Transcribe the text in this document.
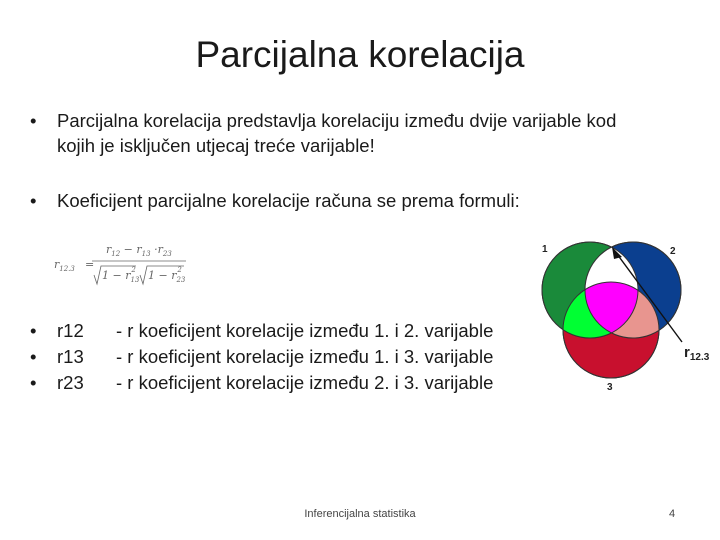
Parcijalna korelacija
• Parcijalna korelacija predstavlja korelaciju između dvije varijable kod
kojih je isključen utjecaj treće varijable!
• Koeficijent parcijalne korelacije računa se prema formuli:
$r_{12.3}$ =
$r_{12} - r_{13} \cdot r_{23}$
$1 - r_{13}2$	$1 - r_{23}2$
• r12 - r koeficijent korelacije između 1. i 2. varijable
• r13 - r koeficijent korelacije između 1. i 3. varijable
• r23 - r koeficijent korelacije između 2. i 3. varijable
1	2
3
$r_{12.3}$
Inferencijalna statistika	4
